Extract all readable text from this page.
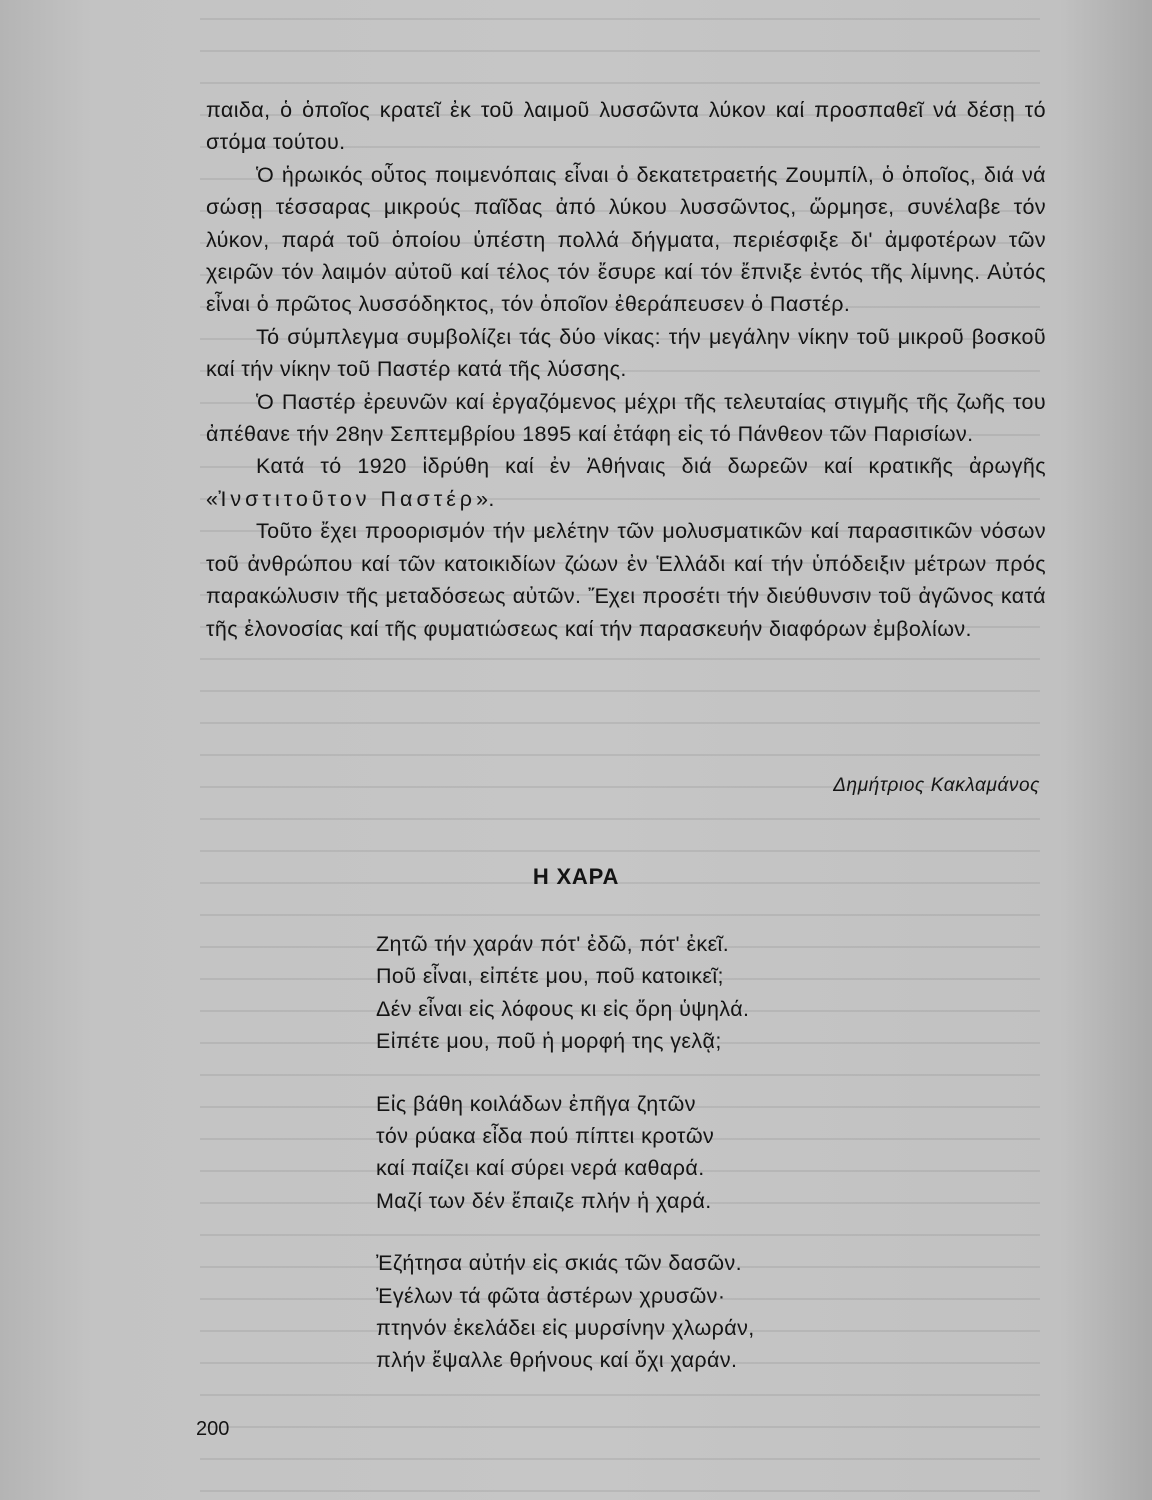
παιδα, ὁ ὁποῖος κρατεῖ ἐκ τοῦ λαιμοῦ λυσσῶντα λύκον καί προσπαθεῖ νά δέσῃ τό στόμα τούτου.

Ὁ ἡρωικός οὗτος ποιμενόπαις εἶναι ὁ δεκατετραετής Ζουμπίλ, ὁ ὁποῖος, διά νά σώσῃ τέσσαρας μικρούς παῖδας ἀπό λύκου λυσσῶντος, ὥρμησε, συνέλαβε τόν λύκον, παρά τοῦ ὁποίου ὑπέστη πολλά δήγματα, περιέσφιξε δι' ἀμφοτέρων τῶν χειρῶν τόν λαιμόν αὐτοῦ καί τέλος τόν ἔσυρε καί τόν ἔπνιξε ἐντός τῆς λίμνης. Αὐτός εἶναι ὁ πρῶτος λυσσόδηκτος, τόν ὁποῖον ἐθεράπευσεν ὁ Παστέρ.

Τό σύμπλεγμα συμβολίζει τάς δύο νίκας: τήν μεγάλην νίκην τοῦ μικροῦ βοσκοῦ καί τήν νίκην τοῦ Παστέρ κατά τῆς λύσσης.

Ὁ Παστέρ ἐρευνῶν καί ἐργαζόμενος μέχρι τῆς τελευταίας στιγμῆς τῆς ζωῆς του ἀπέθανε τήν 28ην Σεπτεμβρίου 1895 καί ἐτάφη εἰς τό Πάνθεον τῶν Παρισίων.

Κατά τό 1920 ἱδρύθη καί ἐν Ἀθήναις διά δωρεῶν καί κρατικῆς ἀρωγῆς «Ἰνστιτοῦτον Παστέρ».

Τοῦτο ἔχει προορισμόν τήν μελέτην τῶν μολυσματικῶν καί παρασιτικῶν νόσων τοῦ ἀνθρώπου καί τῶν κατοικιδίων ζώων ἐν Ἑλλάδι καί τήν ὑπόδειξιν μέτρων πρός παρακώλυσιν τῆς μεταδόσεως αὐτῶν. Ἔχει προσέτι τήν διεύθυνσιν τοῦ ἀγῶνος κατά τῆς ἑλονοσίας καί τῆς φυματιώσεως καί τήν παρασκευήν διαφόρων ἐμβολίων.

Δημήτριος Κακλαμάνος
Η ΧΑΡΑ
Ζητῶ τήν χαράν πότ' ἐδῶ, πότ' ἐκεῖ.
Ποῦ εἶναι, εἰπέτε μου, ποῦ κατοικεῖ;
Δέν εἶναι εἰς λόφους κι εἰς ὄρη ὑψηλά.
Εἰπέτε μου, ποῦ ἡ μορφή της γελᾷ;
Εἰς βάθη κοιλάδων ἐπῆγα ζητῶν
τόν ρύακα εἶδα πού πίπτει κροτῶν
καί παίζει καί σύρει νερά καθαρά.
Μαζί των δέν ἔπαιζε πλήν ἡ χαρά.
Ἐζήτησα αὐτήν εἰς σκιάς τῶν δασῶν.
Ἐγέλων τά φῶτα ἀστέρων χρυσῶν·
πτηνόν ἐκελάδει εἰς μυρσίνην χλωράν,
πλήν ἔψαλλε θρήνους καί ὄχι χαράν.
200
